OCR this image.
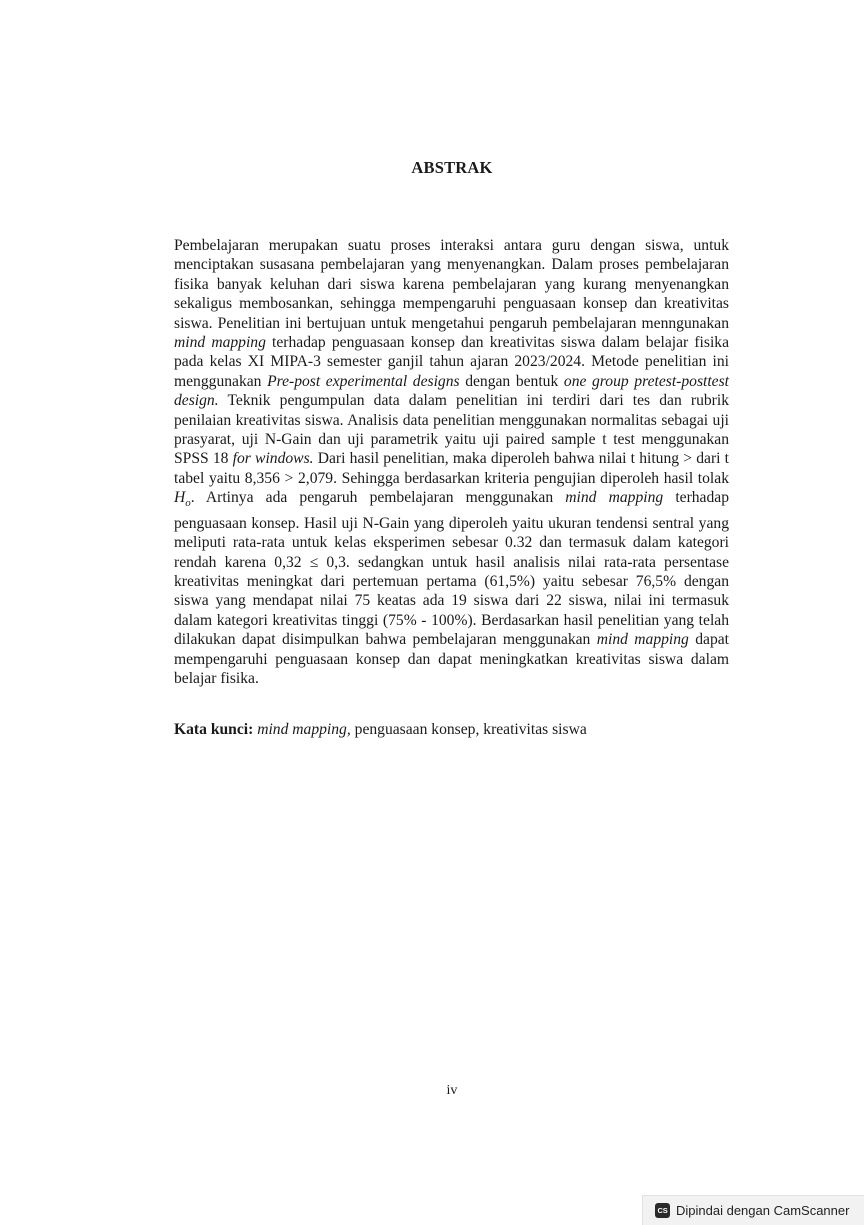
ABSTRAK

Pembelajaran merupakan suatu proses interaksi antara guru dengan siswa, untuk menciptakan susasana pembelajaran yang menyenangkan. Dalam proses pembelajaran fisika banyak keluhan dari siswa karena pembelajaran yang kurang menyenangkan sekaligus membosankan, sehingga mempengaruhi penguasaan konsep dan kreativitas siswa. Penelitian ini bertujuan untuk mengetahui pengaruh pembelajaran menngunakan mind mapping terhadap penguasaan konsep dan kreativitas siswa dalam belajar fisika pada kelas XI MIPA-3 semester ganjil tahun ajaran 2023/2024. Metode penelitian ini menggunakan Pre-post experimental designs dengan bentuk one group pretest-posttest design. Teknik pengumpulan data dalam penelitian ini terdiri dari tes dan rubrik penilaian kreativitas siswa. Analisis data penelitian menggunakan normalitas sebagai uji prasyarat, uji N-Gain dan uji parametrik yaitu uji paired sample t test menggunakan SPSS 18 for windows. Dari hasil penelitian, maka diperoleh bahwa nilai t hitung > dari t tabel yaitu 8,356 > 2,079. Sehingga berdasarkan kriteria pengujian diperoleh hasil tolak $H_o$. Artinya ada pengaruh pembelajaran menggunakan mind mapping terhadap penguasaan konsep. Hasil uji N-Gain yang diperoleh yaitu ukuran tendensi sentral yang meliputi rata-rata untuk kelas eksperimen sebesar 0.32 dan termasuk dalam kategori rendah karena 0,32 ≤ 0,3. sedangkan untuk hasil analisis nilai rata-rata persentase kreativitas meningkat dari pertemuan pertama (61,5%) yaitu sebesar 76,5% dengan siswa yang mendapat nilai 75 keatas ada 19 siswa dari 22 siswa, nilai ini termasuk dalam kategori kreativitas tinggi (75% - 100%). Berdasarkan hasil penelitian yang telah dilakukan dapat disimpulkan bahwa pembelajaran menggunakan mind mapping dapat mempengaruhi penguasaan konsep dan dapat meningkatkan kreativitas siswa dalam belajar fisika.

Kata kunci: mind mapping, penguasaan konsep, kreativitas siswa
iv
CS Dipindai dengan CamScanner
